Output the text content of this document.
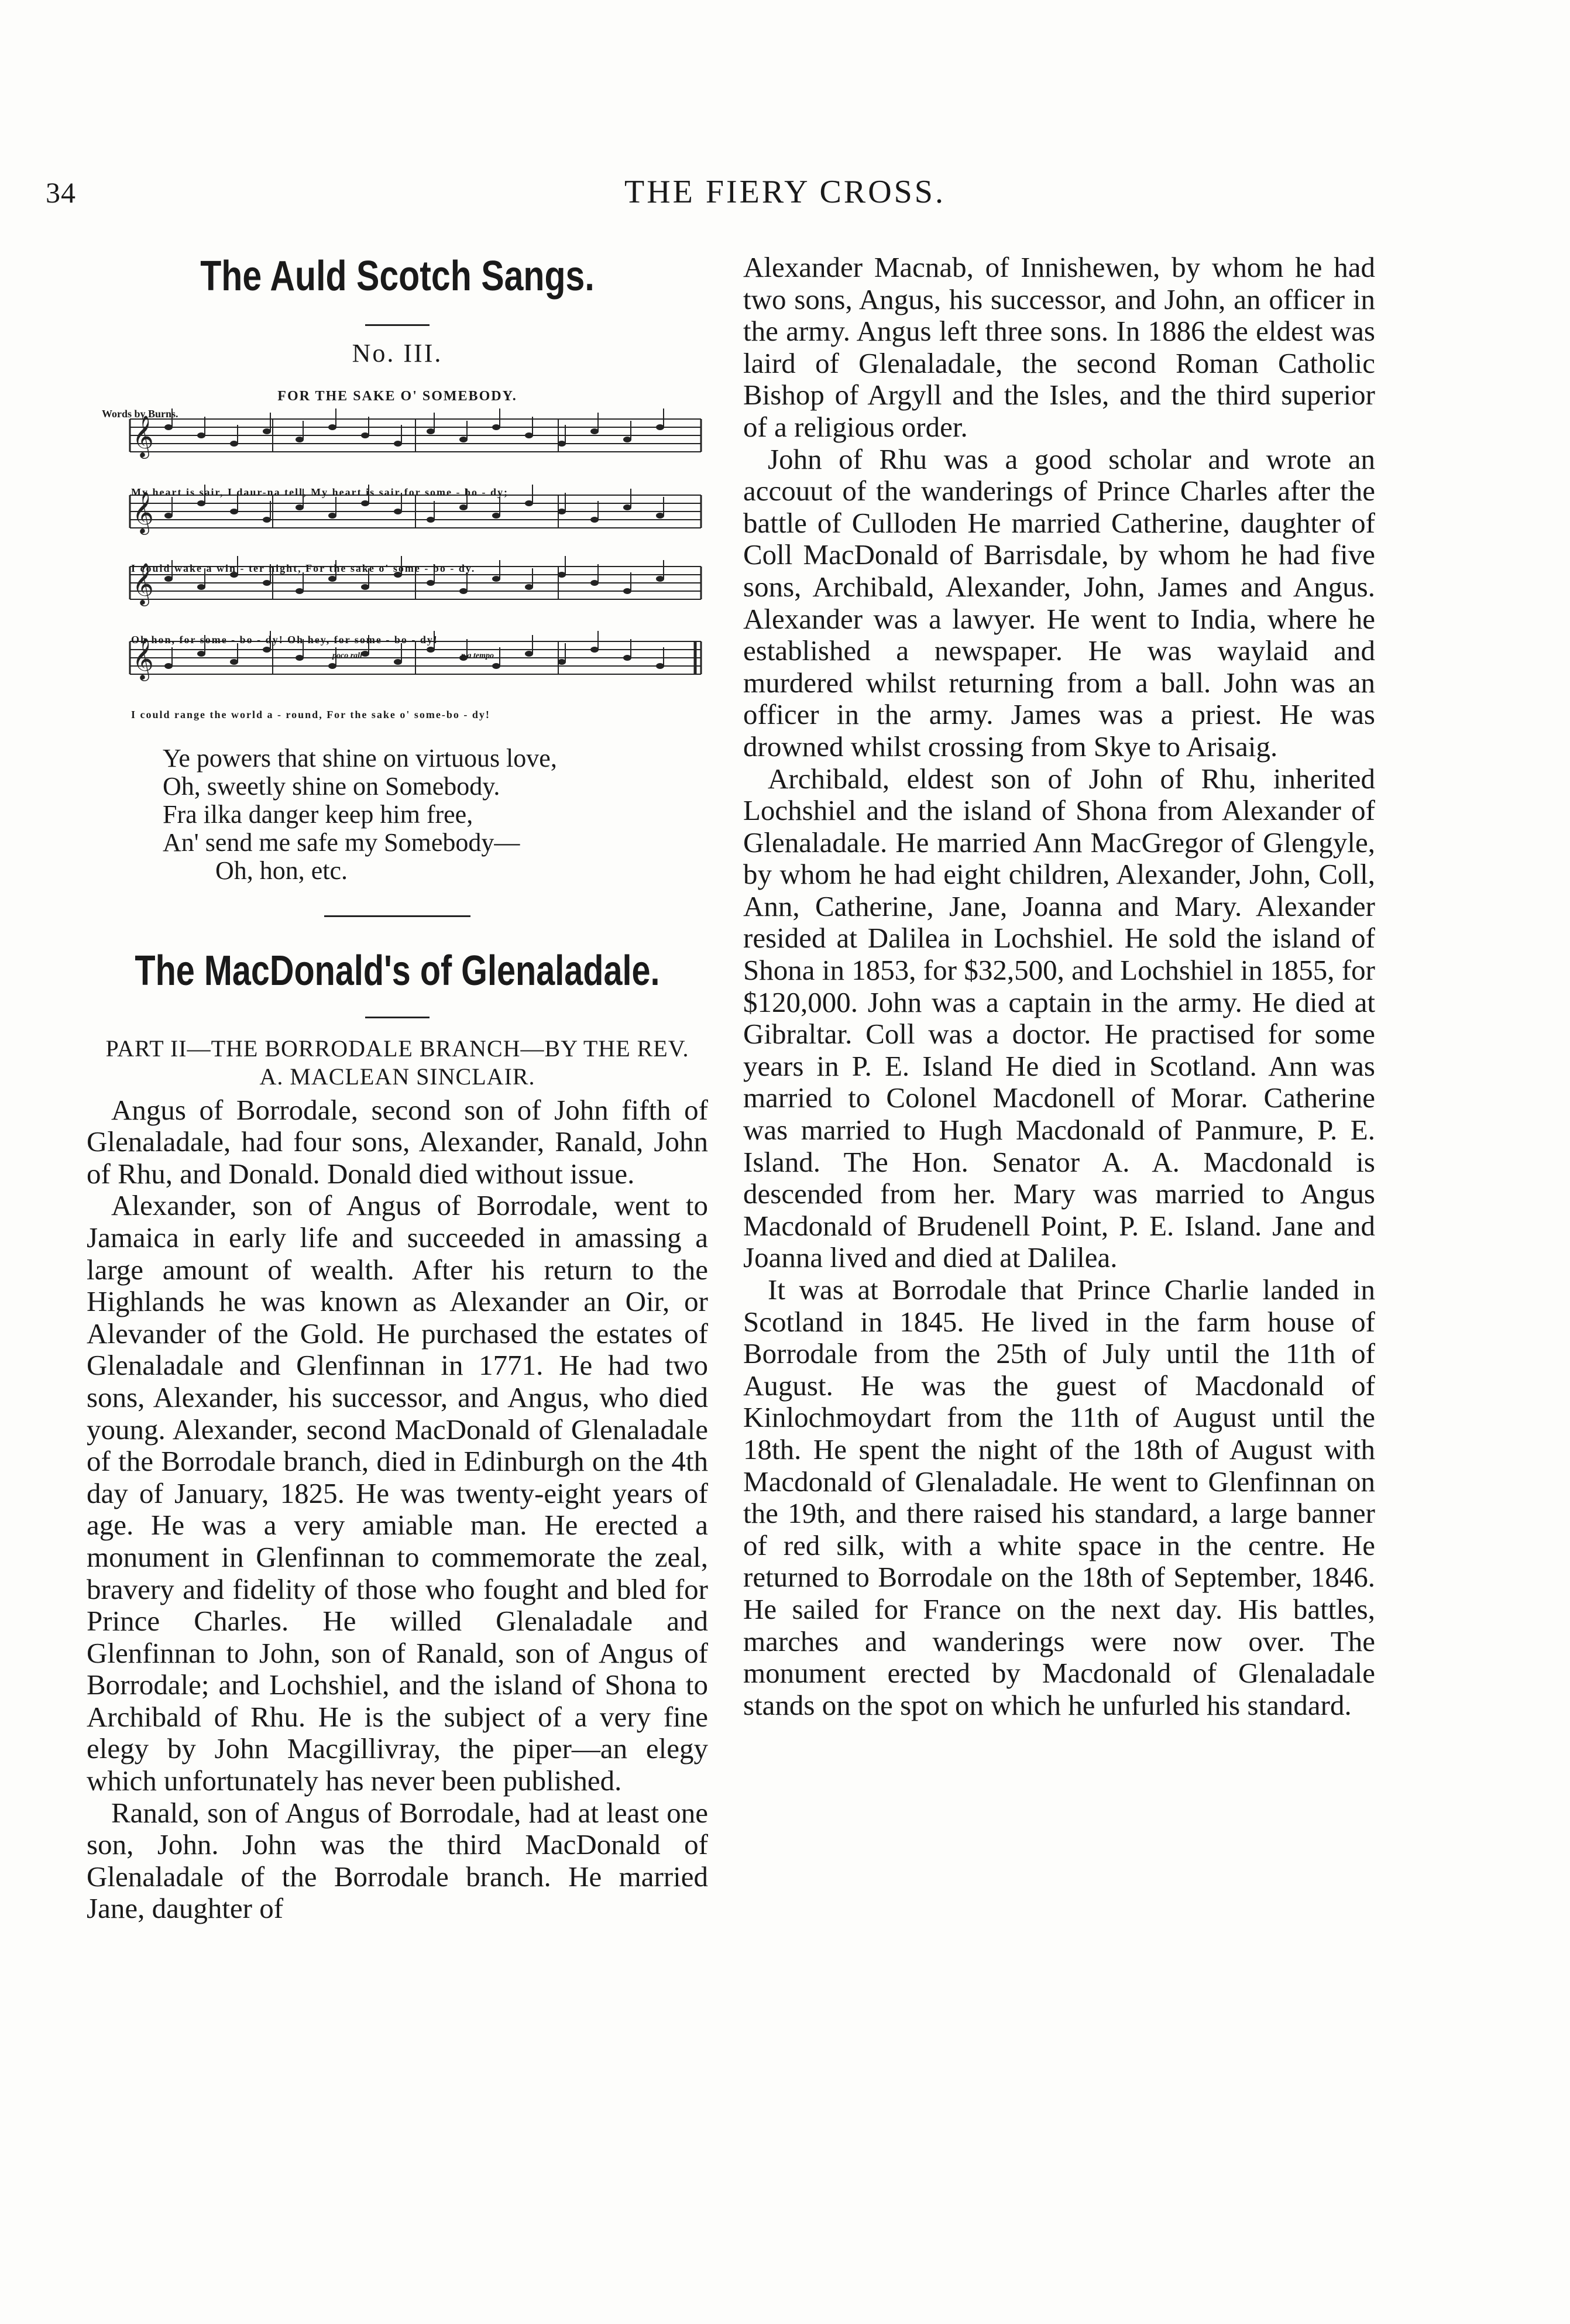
34	THE FIERY CROSS.
The Auld Scotch Sangs.
No. III.
FOR THE SAKE O' SOMEBODY.
Words by Burns.
𝄞
𝄞
𝄞
𝄞
My heart is sair, I daur-na tell, My heart is sair for some - bo - dy;
I could wake a win - ter night, For the sake o' some - bo - dy.
Oh hon, for some - bo - dy! Oh hey, for some - bo - dy!
poco rall	p a tempo
I could range the world a - round, For the sake o' some-bo - dy!
Ye powers that shine on virtuous love,
Oh, sweetly shine on Somebody.
Fra ilka danger keep him free,
An' send me safe my Somebody—
Oh, hon, etc.
The MacDonald's of Glenaladale.
PART II—THE BORRODALE BRANCH—BY THE REV.
A. MACLEAN SINCLAIR.

Angus of Borrodale, second son of John fifth of Glenaladale, had four sons, Alexander, Ranald, John of Rhu, and Donald. Donald died without issue.

Alexander, son of Angus of Borrodale, went to Jamaica in early life and succeeded in amassing a large amount of wealth. After his return to the Highlands he was known as Alexander an Oir, or Alevander of the Gold. He purchased the estates of Glenaladale and Glenfinnan in 1771. He had two sons, Alexander, his successor, and Angus, who died young. Alexander, second MacDonald of Glenaladale of the Borrodale branch, died in Edinburgh on the 4th day of January, 1825. He was twenty-eight years of age. He was a very amiable man. He erected a monument in Glenfinnan to commemorate the zeal, bravery and fidelity of those who fought and bled for Prince Charles. He willed Glenaladale and Glenfinnan to John, son of Ranald, son of Angus of Borrodale; and Lochshiel, and the island of Shona to Archibald of Rhu. He is the subject of a very fine elegy by John Macgillivray, the piper—an elegy which unfortunately has never been published.

Ranald, son of Angus of Borrodale, had at least one son, John. John was the third MacDonald of Glenaladale of the Borrodale branch. He married Jane, daughter of

Alexander Macnab, of Innishewen, by whom he had two sons, Angus, his successor, and John, an officer in the army. Angus left three sons. In 1886 the eldest was laird of Glenaladale, the second Roman Catholic Bishop of Argyll and the Isles, and the third superior of a religious order.

John of Rhu was a good scholar and wrote an accouut of the wanderings of Prince Charles after the battle of Culloden He married Catherine, daughter of Coll MacDonald of Barrisdale, by whom he had five sons, Archibald, Alexander, John, James and Angus. Alexander was a lawyer. He went to India, where he established a newspaper. He was waylaid and murdered whilst returning from a ball. John was an officer in the army. James was a priest. He was drowned whilst crossing from Skye to Arisaig.

Archibald, eldest son of John of Rhu, inherited Lochshiel and the island of Shona from Alexander of Glenaladale. He married Ann MacGregor of Glengyle, by whom he had eight children, Alexander, John, Coll, Ann, Catherine, Jane, Joanna and Mary. Alexander resided at Dalilea in Lochshiel. He sold the island of Shona in 1853, for $32,500, and Lochshiel in 1855, for $120,000. John was a captain in the army. He died at Gibraltar. Coll was a doctor. He practised for some years in P. E. Island He died in Scotland. Ann was married to Colonel Macdonell of Morar. Catherine was married to Hugh Macdonald of Panmure, P. E. Island. The Hon. Senator A. A. Macdonald is descended from her. Mary was married to Angus Macdonald of Brudenell Point, P. E. Island. Jane and Joanna lived and died at Dalilea.

It was at Borrodale that Prince Charlie landed in Scotland in 1845. He lived in the farm house of Borrodale from the 25th of July until the 11th of August. He was the guest of Macdonald of Kinlochmoydart from the 11th of August until the 18th. He spent the night of the 18th of August with Macdonald of Glenaladale. He went to Glenfinnan on the 19th, and there raised his standard, a large banner of red silk, with a white space in the centre. He returned to Borrodale on the 18th of September, 1846. He sailed for France on the next day. His battles, marches and wanderings were now over. The monument erected by Macdonald of Glenaladale stands on the spot on which he unfurled his standard.
